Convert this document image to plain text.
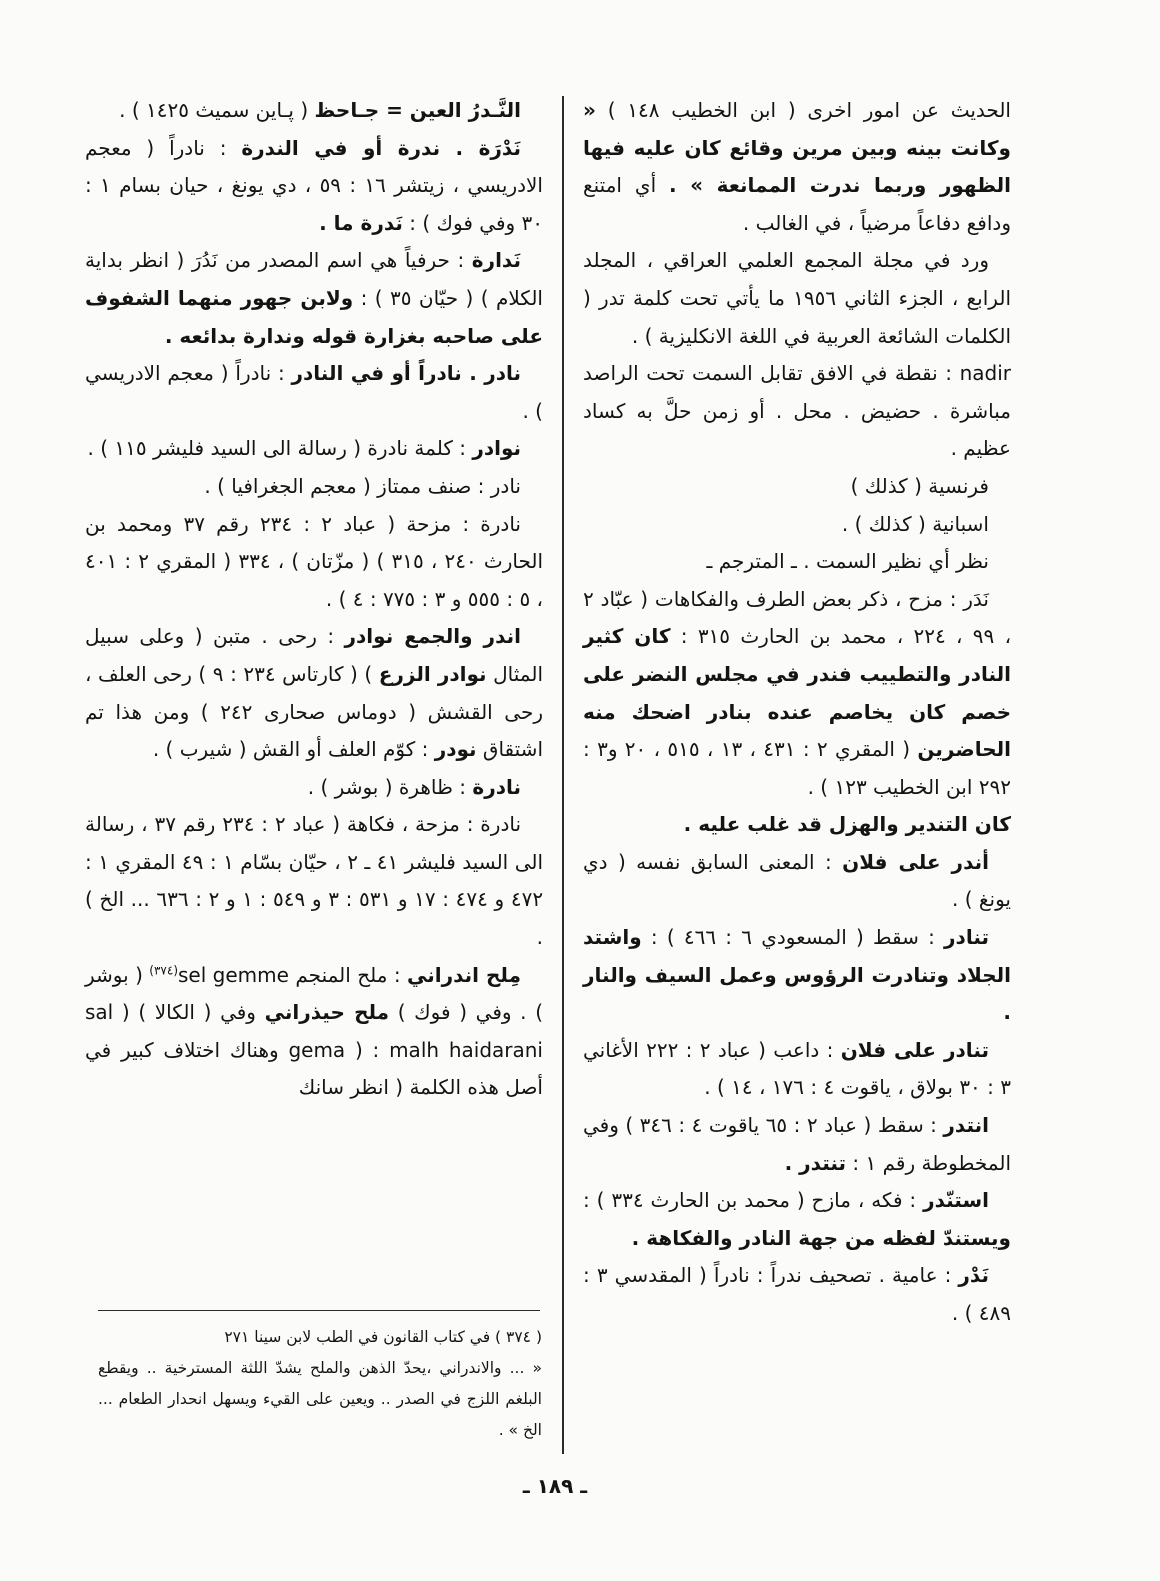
الحديث عن امور اخرى ( ابن الخطيب ١٤٨ ) « وكانت بينه وبين مرين وقائع كان عليه فيها الظهور وربما ندرت الممانعة » . أي امتنع ودافع دفاعاً مرضياً ، في الغالب .

ورد في مجلة المجمع العلمي العراقي ، المجلد الرابع ، الجزء الثاني ١٩٥٦ ما يأتي تحت كلمة تدر ( الكلمات الشائعة العربية في اللغة الانكليزية ) .

nadir : نقطة في الافق تقابل السمت تحت الراصد مباشرة . حضيض . محل . أو زمن حلَّ به كساد عظيم .

فرنسية ( كذلك )

اسبانية ( كذلك ) .

نظر أي نظير السمت . ـ المترجم ـ

نَدَر : مزح ، ذكر بعض الطرف والفكاهات ( عبّاد ٢ ، ٩٩ ، ٢٢٤ ، محمد بن الحارث ٣١٥ : كان كثير النادر والتطييب فندر في مجلس النضر على خصم كان يخاصم عنده بنادر اضحك منه الحاضرين ( المقري ٢ : ٤٣١ ، ١٣ ، ٥١٥ ، ٢٠ و٣ : ٢٩٢ ابن الخطيب ١٢٣ ) .

كان التندير والهزل قد غلب عليه .

أندر على فلان : المعنى السابق نفسه ( دي يونغ ) .

تنادر : سقط ( المسعودي ٦ : ٤٦٦ ) : واشتد الجلاد وتنادرت الرؤوس وعمل السيف والنار .

تنادر على فلان : داعب ( عباد ٢ : ٢٢٢ الأغاني ٣ : ٣٠ بولاق ، ياقوت ٤ : ١٧٦ ، ١٤ ) .

انتدر : سقط ( عباد ٢ : ٦٥ ياقوت ٤ : ٣٤٦ ) وفي المخطوطة رقم ١ : تنتدر .

استنّدر : فكه ، مازح ( محمد بن الحارث ٣٣٤ ) : ويستندّ لفظه من جهة النادر والفكاهة .

نَدْر : عامية . تصحيف ندراً : نادراً ( المقدسي ٣ : ٤٨٩ ) .

النَّـدرُ العين = جـاحظ ( پـاين سميث ١٤٢٥ ) .

نَدْرَة . ندرة أو في الندرة : نادراً ( معجم الادريسي ، زيتشر ١٦ : ٥٩ ، دي يونغ ، حيان بسام ١ : ٣٠ وفي فوك ) : نَدرة ما .

نَدارة : حرفياً هي اسم المصدر من نَدُرَ ( انظر بداية الكلام ) ( حيّان ٣٥ ) : ولابن جهور منهما الشفوف على صاحبه بغزارة قوله وندارة بدائعه .

نادر . نادراً أو في النادر : نادراً ( معجم الادريسي ) .

نوادر : كلمة نادرة ( رسالة الى السيد فليشر ١١٥ ) .

نادر : صنف ممتاز ( معجم الجغرافيا ) .

نادرة : مزحة ( عباد ٢ : ٢٣٤ رقم ٣٧ ومحمد بن الحارث ٢٤٠ ، ٣١٥ ) ( مزّتان ) ، ٣٣٤ ( المقري ٢ : ٤٠١ ، ٥ : ٥٥٥ و ٣ : ٧٧٥ : ٤ ) .

اندر والجمع نوادر : رحى . متبن ( وعلى سبيل المثال نوادر الزرع ) ( كارتاس ٢٣٤ : ٩ ) رحى العلف ، رحى القشش ( دوماس صحارى ٢٤٢ ) ومن هذا تم اشتقاق نودر : كوّم العلف أو القش ( شيرب ) .

نادرة : ظاهرة ( بوشر ) .

نادرة : مزحة ، فكاهة ( عباد ٢ : ٢٣٤ رقم ٣٧ ، رسالة الى السيد فليشر ٤١ ـ ٢ ، حيّان بسّام ١ : ٤٩ المقري ١ : ٤٧٢ و ٤٧٤ : ١٧ و ٥٣١ : ٣ و ٥٤٩ : ١ و ٢ : ٦٣٦ ... الخ ) .

مِلح اندراني : ملح المنجم sel gemme$^{(٣٧٤)}$ ( بوشر ) . وفي ( فوك ) ملح حيذراني وفي ( الكالا ) ( sal gema ) : malh haidarani وهناك اختلاف كبير في أصل هذه الكلمة ( انظر سانك

( ٣٧٤ ) في كتاب القانون في الطب لابن سينا ٢٧١

« ... والاندراني ،يحدّ الذهن والملح يشدّ اللثة المسترخية .. ويقطع البلغم اللزج في الصدر .. ويعين على القيء ويسهل انحدار الطعام ... الخ » .

ـ ١٨٩ ـ
